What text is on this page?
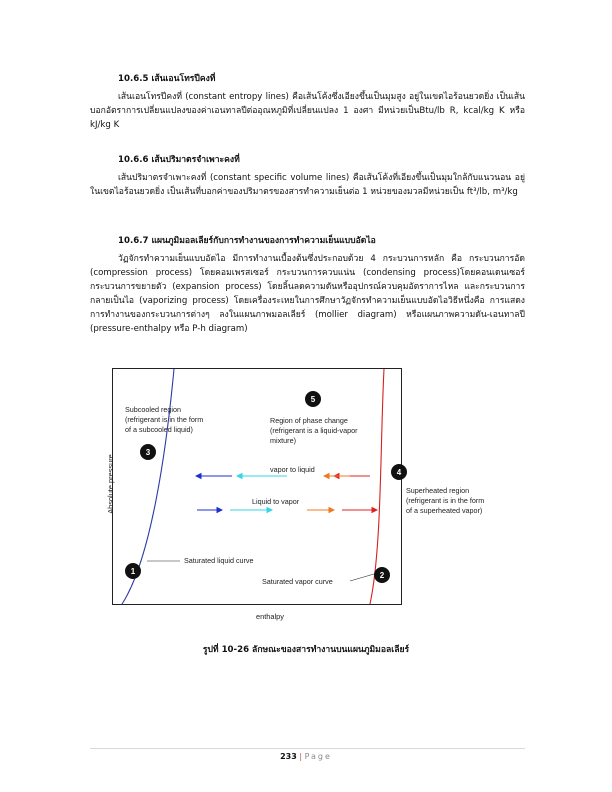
10.6.5 เส้นเอนโทรปีคงที่

เส้นเอนโทรปีคงที่ (constant entropy lines) คือเส้นโค้งซึ่งเอียงขึ้นเป็นมุมสูง อยู่ในเขตไอร้อนยวดยิ่ง เป็นเส้นบอกอัตราการเปลี่ยนแปลงของค่าเอนทาลปีต่ออุณหภูมิที่เปลี่ยนแปลง 1 องศา มีหน่วยเป็นBtu/lb R, kcal/kg K หรือ kJ/kg K

10.6.6 เส้นปริมาตรจำเพาะคงที่

เส้นปริมาตรจำเพาะคงที่ (constant specific volume lines) คือเส้นโค้งที่เอียงขึ้นเป็นมุมใกล้กับแนวนอน อยู่ในเขตไอร้อนยวดยิ่ง เป็นเส้นที่บอกค่าของปริมาตรของสารทำความเย็นต่อ 1 หน่วยของมวลมีหน่วยเป็น ft³/lb, m³/kg

10.6.7 แผนภูมิมอลเลียร์กับการทำงานของการทำความเย็นแบบอัดไอ

วัฏจักรทำความเย็นแบบอัดไอ มีการทำงานเบื้องต้นซึ่งประกอบด้วย 4 กระบวนการหลัก คือ กระบวนการอัด (compression process) โดยคอมเพรสเซอร์ กระบวนการควบแน่น (condensing process)โดยคอนเดนเซอร์ กระบวนการขยายตัว (expansion process) โดยลิ้นลดความดันหรืออุปกรณ์ควบคุมอัตราการไหล และกระบวนการกลายเป็นไอ (vaporizing process) โดยเครื่องระเหยในการศึกษาวัฏจักรทำความเย็นแบบอัดไอวิธีหนึ่งคือ การแสดงการทำงานของกระบวนการต่างๆ ลงในแผนภาพมอลเลียร์ (mollier diagram) หรือแผนภาพความดัน-เอนทาลปี (pressure-enthalpy หรือ P-h diagram)

Subcooled region
(refrigerant is in the form
of a subcooled liquid)
Region of phase change
(refrigerant is a liquid-vapor
mixture)
Superheated region
(refrigerant is in the form
of a superheated vapor)
vapor to liquid
Liquid to vapor
Saturated liquid curve
Saturated vapor curve
1	2
3
4
5
Absolute pressure
enthalpy
รูปที่ 10-26 ลักษณะของสารทำงานบนแผนภูมิมอลเลียร์
233 | Page
